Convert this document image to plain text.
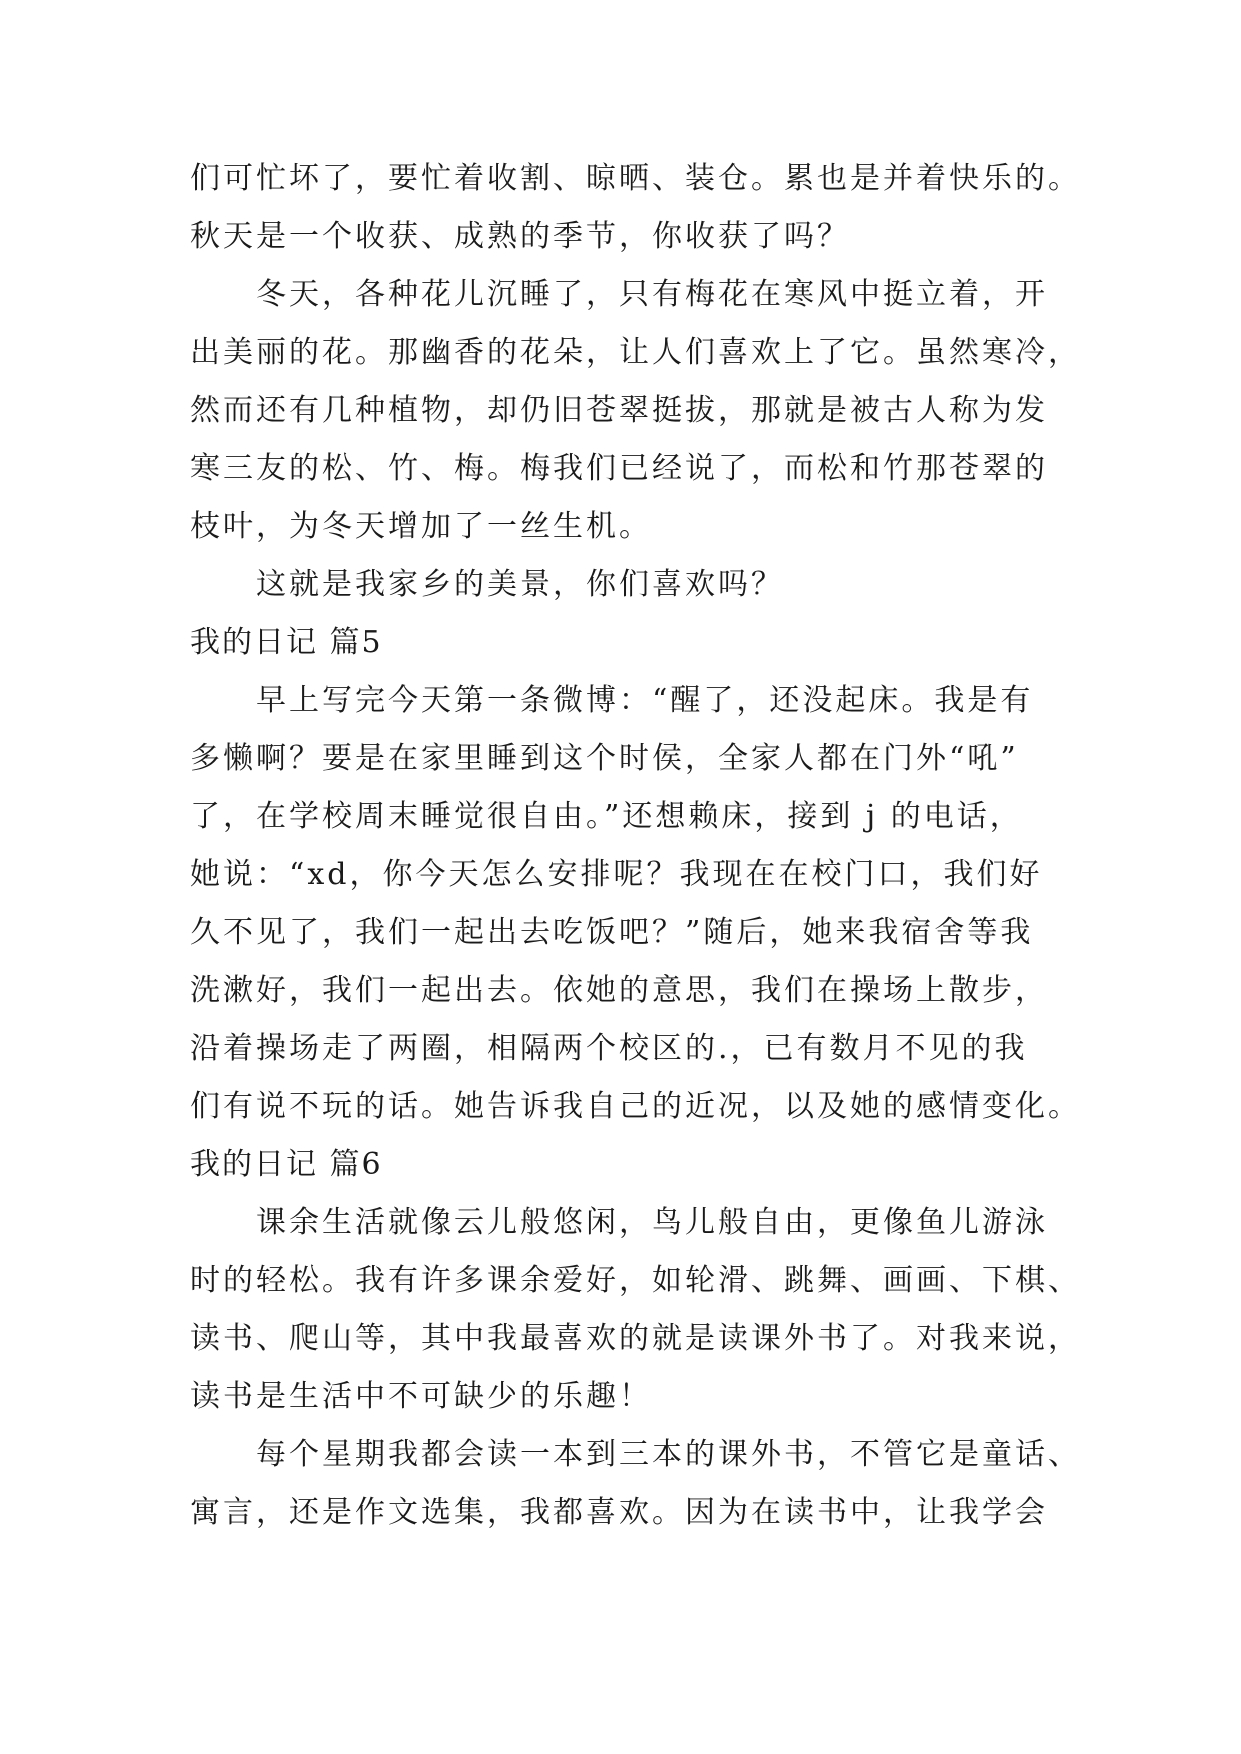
们可忙坏了，要忙着收割、晾晒、装仓。累也是并着快乐的。
秋天是一个收获、成熟的季节，你收获了吗？
冬天，各种花儿沉睡了，只有梅花在寒风中挺立着，开
出美丽的花。那幽香的花朵，让人们喜欢上了它。虽然寒冷，
然而还有几种植物，却仍旧苍翠挺拔，那就是被古人称为发
寒三友的松、竹、梅。梅我们已经说了，而松和竹那苍翠的
枝叶，为冬天增加了一丝生机。
这就是我家乡的美景，你们喜欢吗？
我的日记 篇5
早上写完今天第一条微博：“醒了，还没起床。我是有
多懒啊？要是在家里睡到这个时侯，全家人都在门外“吼”
了，在学校周末睡觉很自由。”还想赖床，接到 j 的电话，
她说：“xd，你今天怎么安排呢？我现在在校门口，我们好
久不见了，我们一起出去吃饭吧？”随后，她来我宿舍等我
洗漱好，我们一起出去。依她的意思，我们在操场上散步，
沿着操场走了两圈，相隔两个校区的.，已有数月不见的我
们有说不玩的话。她告诉我自己的近况，以及她的感情变化。
我的日记 篇6
课余生活就像云儿般悠闲，鸟儿般自由，更像鱼儿游泳
时的轻松。我有许多课余爱好，如轮滑、跳舞、画画、下棋、
读书、爬山等，其中我最喜欢的就是读课外书了。对我来说，
读书是生活中不可缺少的乐趣！
每个星期我都会读一本到三本的课外书，不管它是童话、
寓言，还是作文选集，我都喜欢。因为在读书中，让我学会
